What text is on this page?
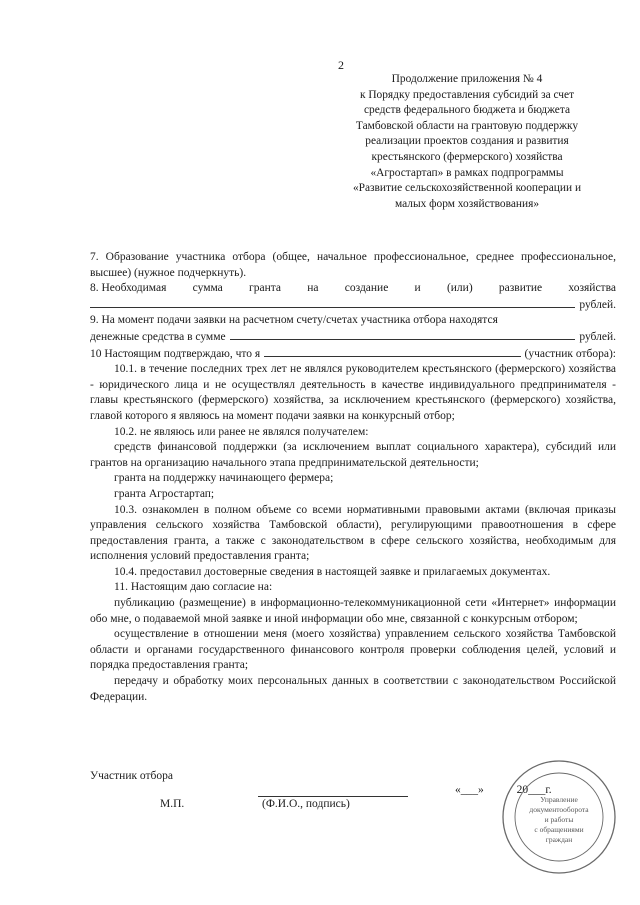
2
Продолжение приложения № 4
к Порядку предоставления субсидий за счет
средств федерального бюджета и бюджета
Тамбовской области на грантовую поддержку
реализации проектов создания и развития
крестьянского (фермерского) хозяйства
«Агростартап» в рамках подпрограммы
«Развитие сельскохозяйственной кооперации и
малых форм хозяйствования»
7. Образование участника отбора (общее, начальное профессиональное, среднее профессиональное, высшее) (нужное подчеркнуть).
8. Необходимая сумма гранта на создание и (или) развитие хозяйства
рублей.
9. На момент подачи заявки на расчетном счету/счетах участника отбора находятся
денежные средства в сумме	рублей.
10 Настоящим подтверждаю, что я	(участник отбора):
10.1. в течение последних трех лет не являлся руководителем крестьянского (фермерского) хозяйства - юридического лица и не осуществлял деятельность в качестве индивидуального предпринимателя - главы крестьянского (фермерского) хозяйства, за исключением крестьянского (фермерского) хозяйства, главой которого я являюсь на момент подачи заявки на конкурсный отбор;
10.2. не являюсь или ранее не являлся получателем:
средств финансовой поддержки (за исключением выплат социального характера), субсидий или грантов на организацию начального этапа предпринимательской деятельности;
гранта на поддержку начинающего фермера;
гранта Агростартап;
10.3. ознакомлен в полном объеме со всеми нормативными правовыми актами (включая приказы управления сельского хозяйства Тамбовской области), регулирующими правоотношения в сфере предоставления гранта, а также с законодательством в сфере сельского хозяйства, необходимым для исполнения условий предоставления гранта;
10.4. предоставил достоверные сведения в настоящей заявке и прилагаемых документах.
11. Настоящим даю согласие на:
публикацию (размещение) в информационно-телекоммуникационной сети «Интернет» информации обо мне, о подаваемой мной заявке и иной информации обо мне, связанной с конкурсным отбором;
осуществление в отношении меня (моего хозяйства) управлением сельского хозяйства Тамбовской области и органами государственного финансового контроля проверки соблюдения целей, условий и порядка предоставления гранта;
передачу и обработку моих персональных данных в соответствии с законодательством Российской Федерации.
Участник отбора
М.П.	(Ф.И.О., подпись)
«___»	20___г.
Управление
документооборота
и работы
с обращениями
граждан
